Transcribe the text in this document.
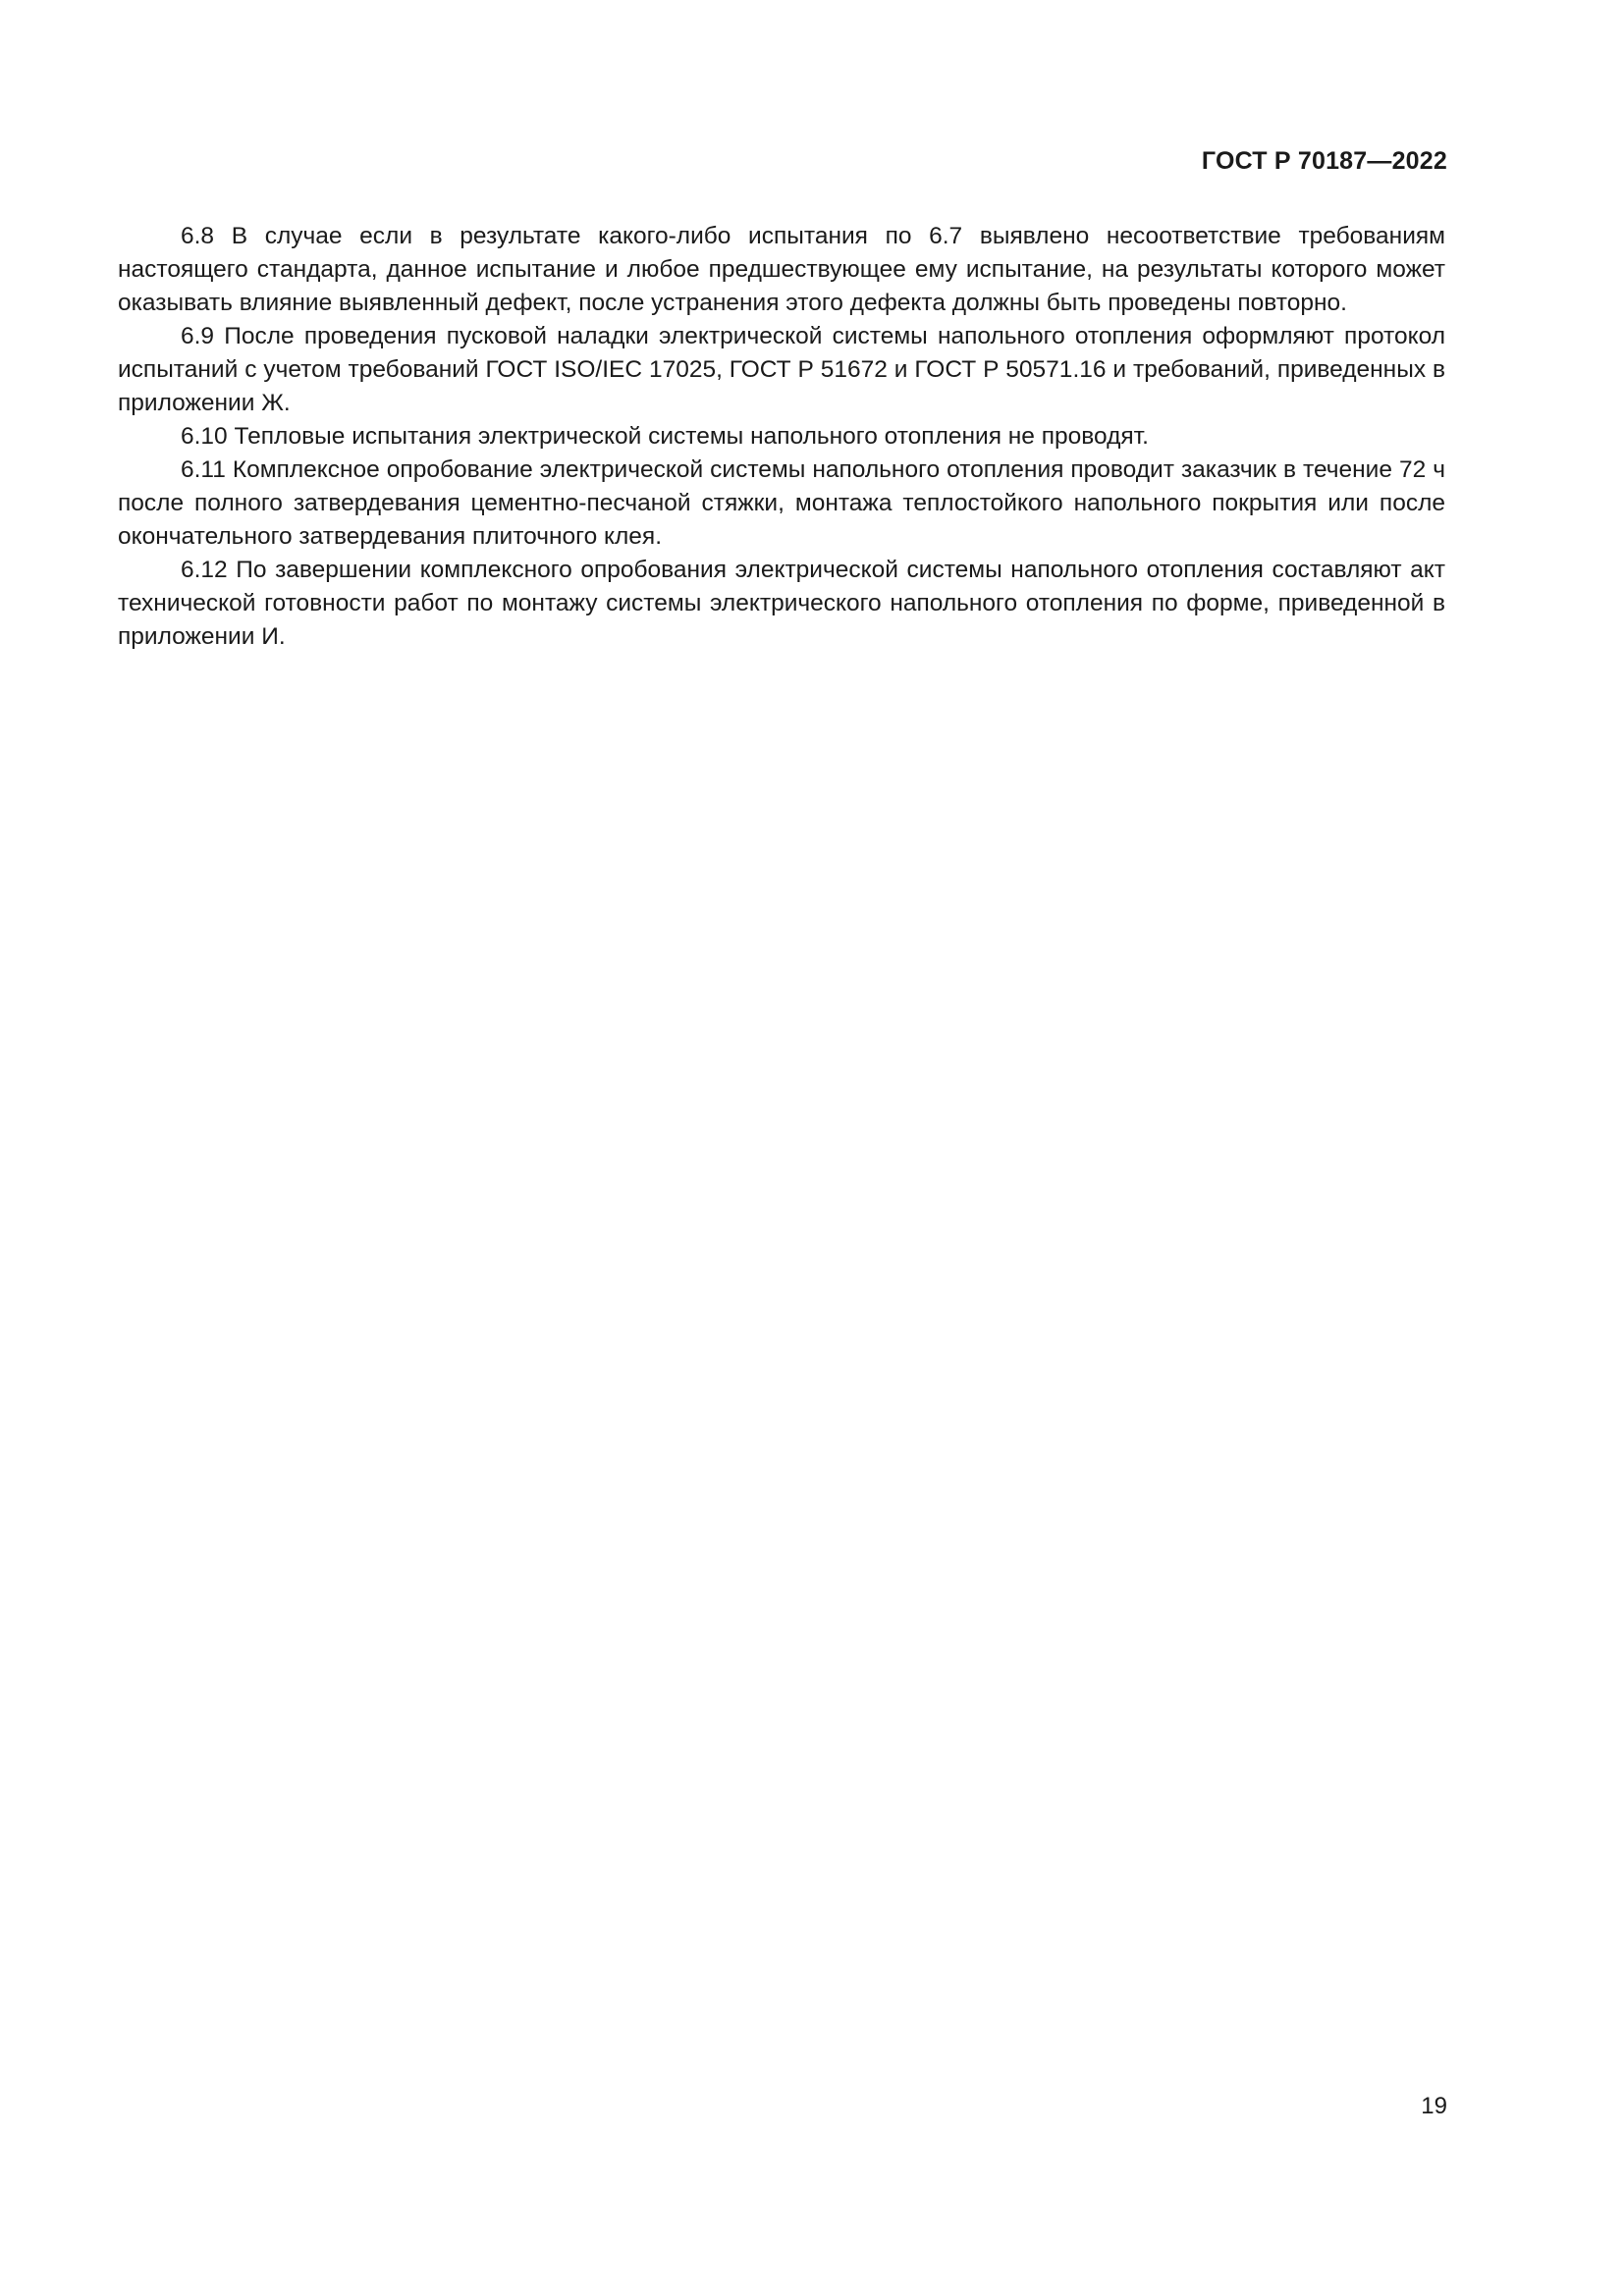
ГОСТ Р 70187—2022

6.8 В случае если в результате какого-либо испытания по 6.7 выявлено несоответствие требованиям настоящего стандарта, данное испытание и любое предшествующее ему испытание, на результаты которого может оказывать влияние выявленный дефект, после устранения этого дефекта должны быть проведены повторно.

6.9 После проведения пусковой наладки электрической системы напольного отопления оформляют протокол испытаний с учетом требований ГОСТ ISO/IEC 17025, ГОСТ Р 51672 и ГОСТ Р 50571.16 и требований, приведенных в приложении Ж.

6.10 Тепловые испытания электрической системы напольного отопления не проводят.

6.11 Комплексное опробование электрической системы напольного отопления проводит заказчик в течение 72 ч после полного затвердевания цементно-песчаной стяжки, монтажа теплостойкого напольного покрытия или после окончательного затвердевания плиточного клея.

6.12 По завершении комплексного опробования электрической системы напольного отопления составляют акт технической готовности работ по монтажу системы электрического напольного отопления по форме, приведенной в приложении И.

19
